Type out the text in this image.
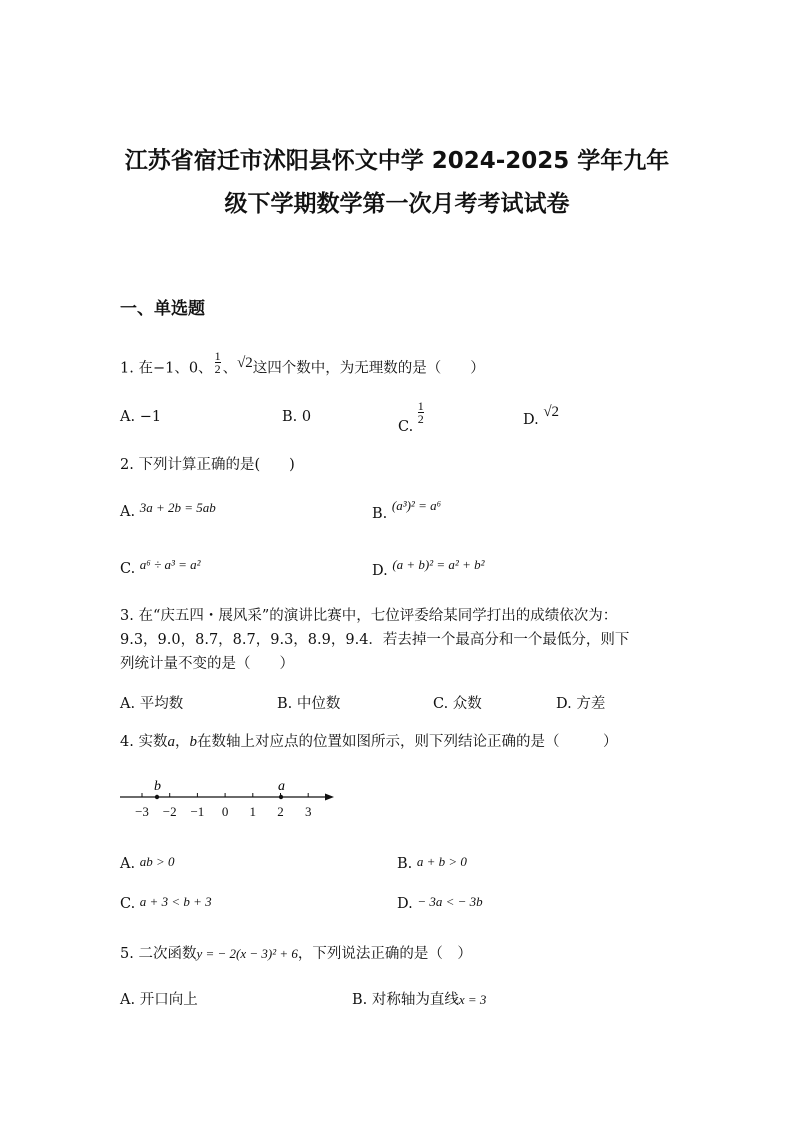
江苏省宿迁市沭阳县怀文中学 2024-2025 学年九年
级下学期数学第一次月考考试试卷
一、单选题
1. 在−1、0、 $\frac{1}{2}$ 、√2这四个数中，为无理数的是（　　）
A. −1	B. 0
C. $\frac{1}{2}$	D. √2
2. 下列计算正确的是(　　)
A. 3a + 2b = 5ab	B. (a³)² = a⁶
C. a⁶ ÷ a³ = a²	D. (a + b)² = a² + b²
3. 在“庆五四・展风采”的演讲比赛中，七位评委给某同学打出的成绩依次为：
9.3，9.0，8.7，8.7，9.3，8.9，9.4．若去掉一个最高分和一个最低分，则下
列统计量不变的是（　　）
A. 平均数	B. 中位数	C. 众数	D. 方差
4. 实数a，b在数轴上对应点的位置如图所示，则下列结论正确的是（　　　）
−3 −2 −1 0 1 2 3
b	a
A. ab > 0	B. a + b > 0
C. a + 3 < b + 3	D. − 3a < − 3b
5. 二次函数y = − 2(x − 3)² + 6，下列说法正确的是（　）
A. 开口向上	B. 对称轴为直线x = 3
